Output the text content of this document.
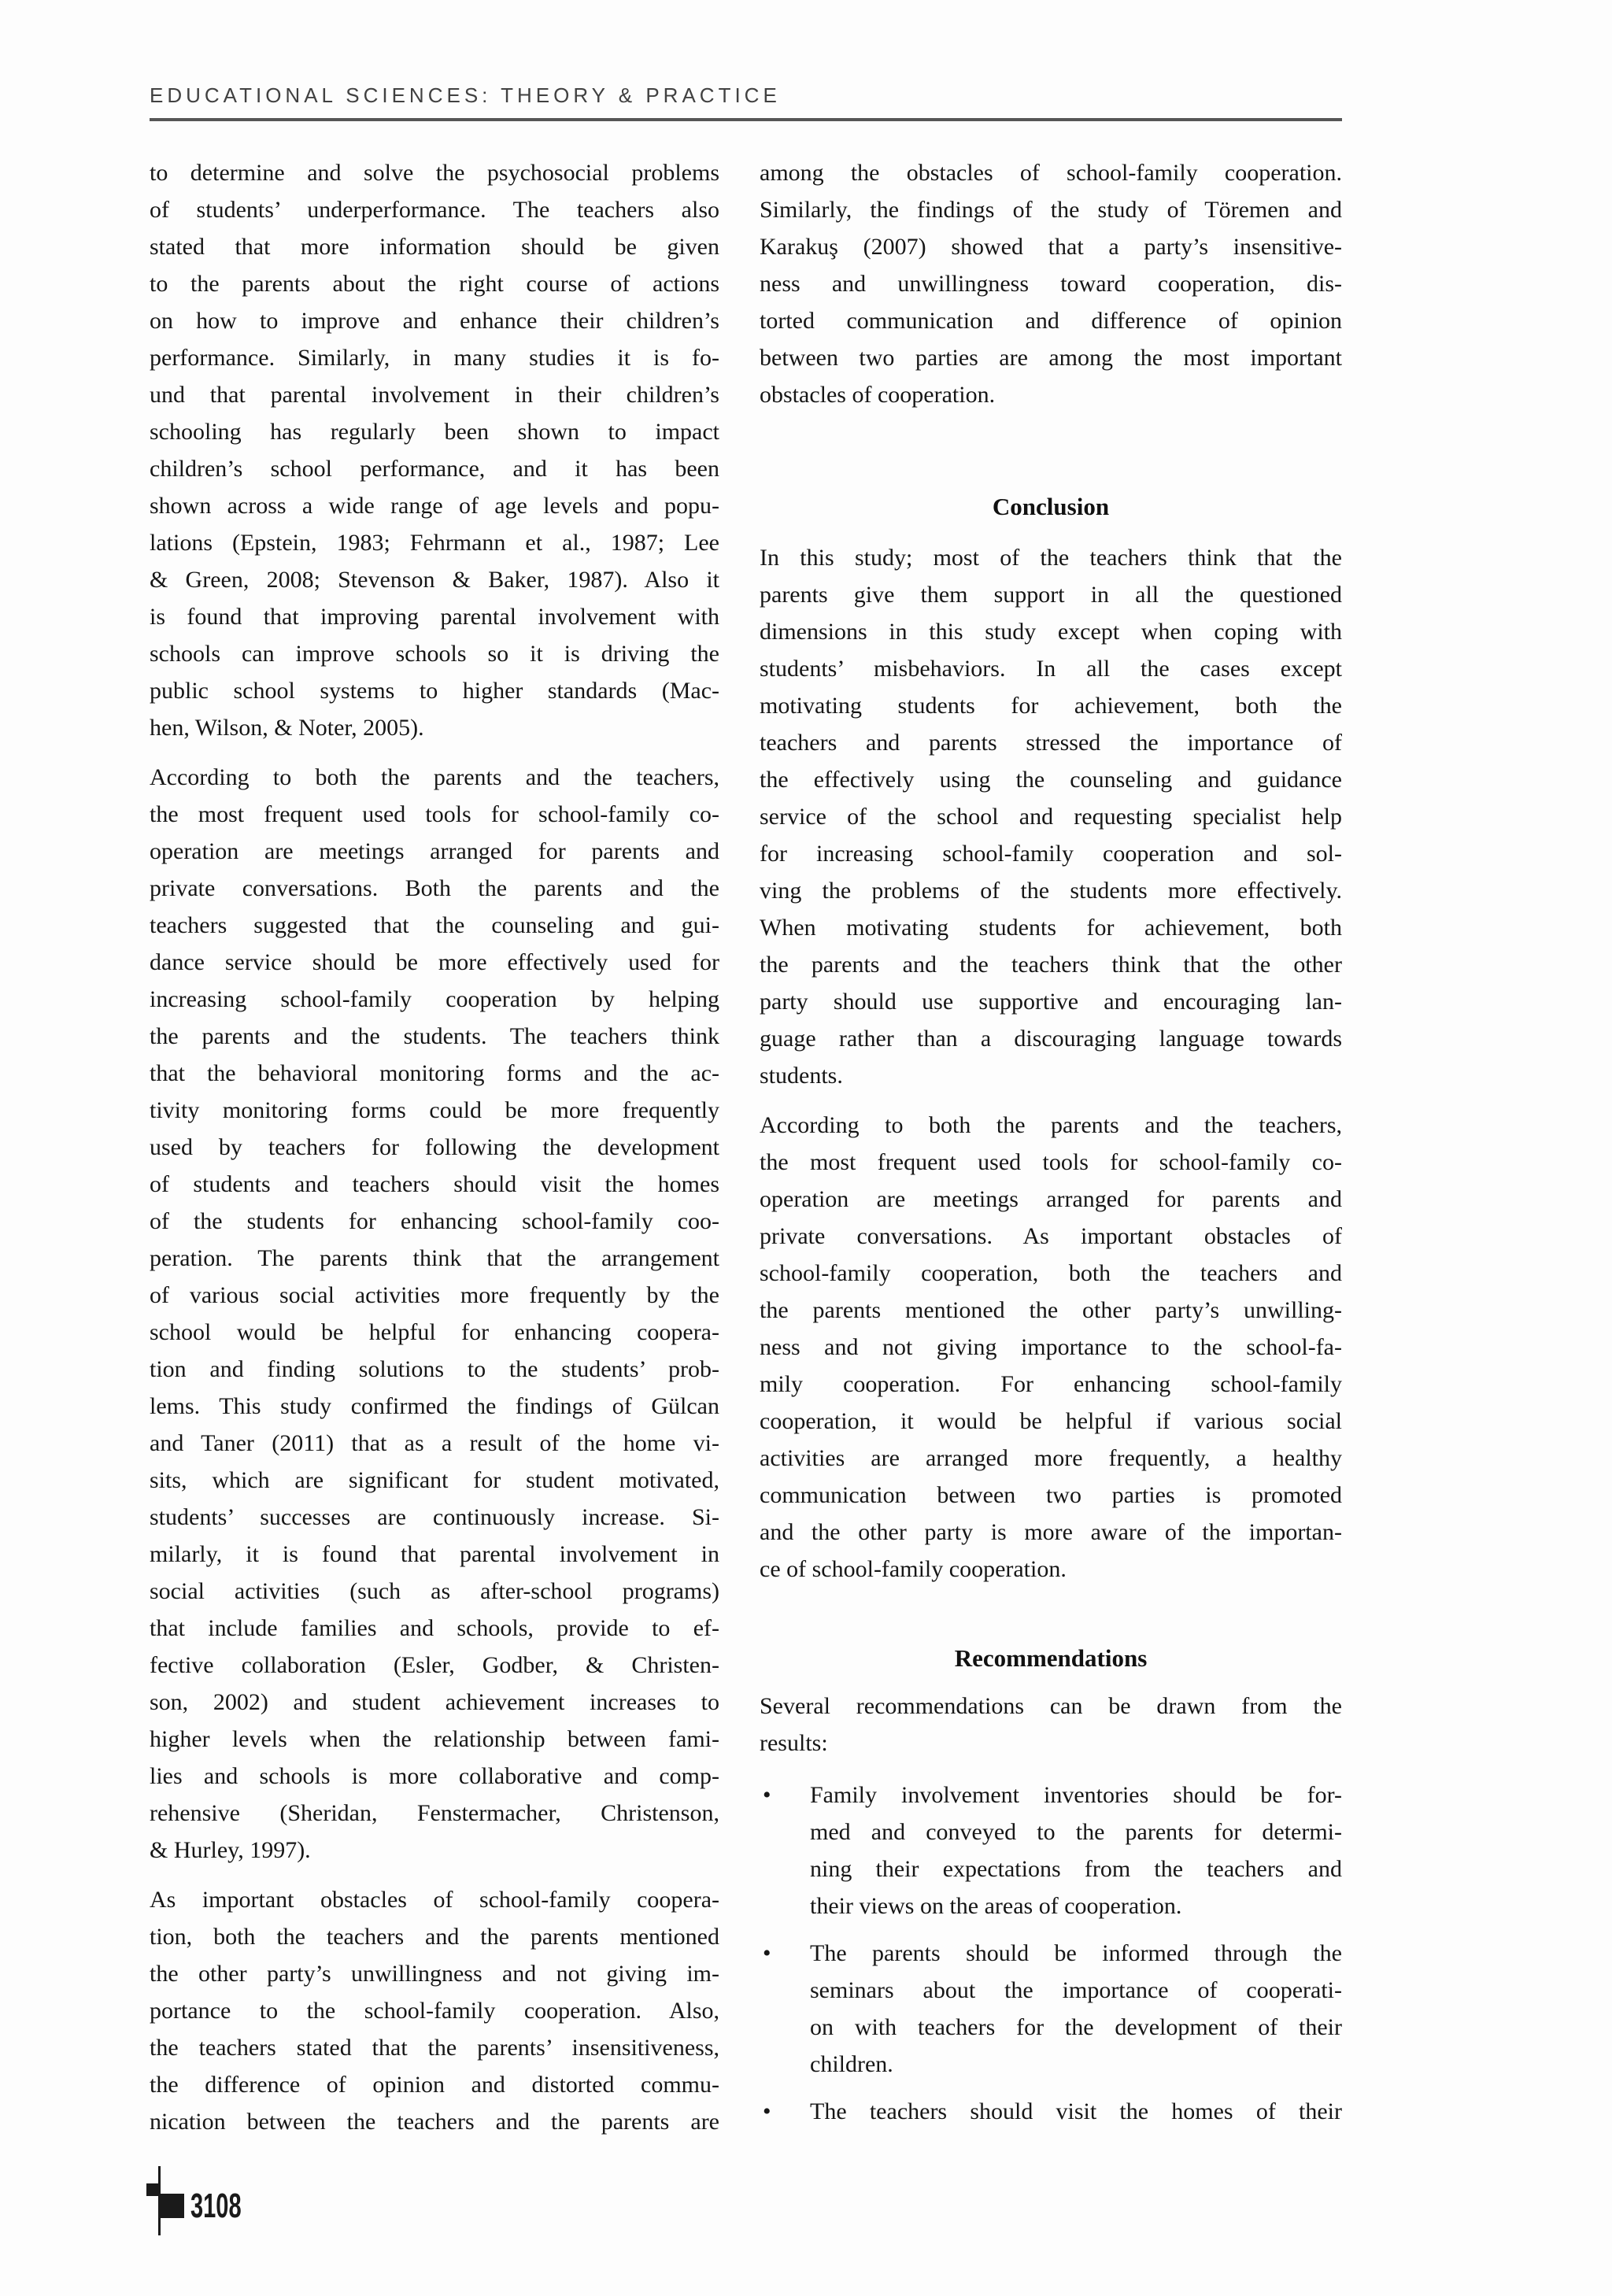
EDUCATIONAL SCIENCES: THEORY & PRACTICE
to determine and solve the psychosocial problems
of students’ underperformance. The teachers also
stated that more information should be given
to the parents about the right course of actions
on how to improve and enhance their children’s
performance. Similarly, in many studies it is fo-
und that parental involvement in their children’s
schooling has regularly been shown to impact
children’s school performance, and it has been
shown across a wide range of age levels and popu-
lations (Epstein, 1983; Fehrmann et al., 1987; Lee
& Green, 2008; Stevenson & Baker, 1987). Also it
is found that improving parental involvement with
schools can improve schools so it is driving the
public school systems to higher standards (Mac-
hen, Wilson, & Noter, 2005).
According to both the parents and the teachers,
the most frequent used tools for school-family co-
operation are meetings arranged for parents and
private conversations. Both the parents and the
teachers suggested that the counseling and gui-
dance service should be more effectively used for
increasing school-family cooperation by helping
the parents and the students. The teachers think
that the behavioral monitoring forms and the ac-
tivity monitoring forms could be more frequently
used by teachers for following the development
of students and teachers should visit the homes
of the students for enhancing school-family coo-
peration. The parents think that the arrangement
of various social activities more frequently by the
school would be helpful for enhancing coopera-
tion and finding solutions to the students’ prob-
lems. This study confirmed the findings of Gülcan
and Taner (2011) that as a result of the home vi-
sits, which are significant for student motivated,
students’ successes are continuously increase. Si-
milarly, it is found that parental involvement in
social activities (such as after-school programs)
that include families and schools, provide to ef-
fective collaboration (Esler, Godber, & Christen-
son, 2002) and student achievement increases to
higher levels when the relationship between fami-
lies and schools is more collaborative and comp-
rehensive (Sheridan, Fenstermacher, Christenson,
& Hurley, 1997).
As important obstacles of school-family coopera-
tion, both the teachers and the parents mentioned
the other party’s unwillingness and not giving im-
portance to the school-family cooperation. Also,
the teachers stated that the parents’ insensitiveness,
the difference of opinion and distorted commu-
nication between the teachers and the parents are
among the obstacles of school-family cooperation.
Similarly, the findings of the study of Töremen and
Karakuş (2007) showed that a party’s insensitive-
ness and unwillingness toward cooperation, dis-
torted communication and difference of opinion
between two parties are among the most important
obstacles of cooperation.
Conclusion
In this study; most of the teachers think that the
parents give them support in all the questioned
dimensions in this study except when coping with
students’ misbehaviors. In all the cases except
motivating students for achievement, both the
teachers and parents stressed the importance of
the effectively using the counseling and guidance
service of the school and requesting specialist help
for increasing school-family cooperation and sol-
ving the problems of the students more effectively.
When motivating students for achievement, both
the parents and the teachers think that the other
party should use supportive and encouraging lan-
guage rather than a discouraging language towards
students.
According to both the parents and the teachers,
the most frequent used tools for school-family co-
operation are meetings arranged for parents and
private conversations. As important obstacles of
school-family cooperation, both the teachers and
the parents mentioned the other party’s unwilling-
ness and not giving importance to the school-fa-
mily cooperation. For enhancing school-family
cooperation, it would be helpful if various social
activities are arranged more frequently, a healthy
communication between two parties is promoted
and the other party is more aware of the importan-
ce of school-family cooperation.
Recommendations
Several recommendations can be drawn from the
results:
• Family involvement inventories should be for-
med and conveyed to the parents for determi-
ning their expectations from the teachers and
their views on the areas of cooperation.
• The parents should be informed through the
seminars about the importance of cooperati-
on with teachers for the development of their
children.
• The teachers should visit the homes of their
3108
